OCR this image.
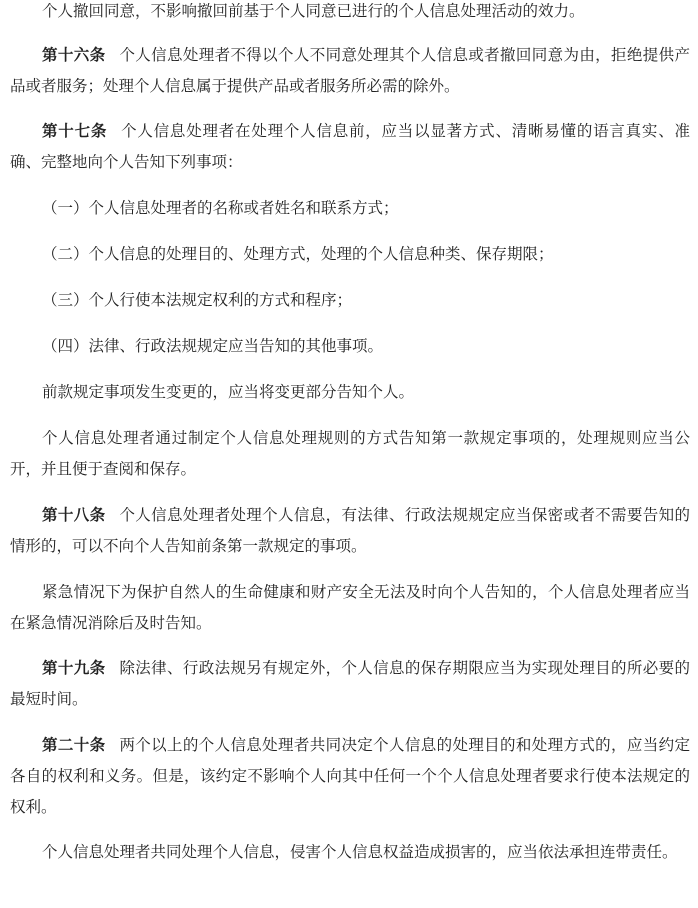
个人撤回同意，不影响撤回前基于个人同意已进行的个人信息处理活动的效力。

第十六条 个人信息处理者不得以个人不同意处理其个人信息或者撤回同意为由，拒绝提供产品或者服务；处理个人信息属于提供产品或者服务所必需的除外。

第十七条 个人信息处理者在处理个人信息前，应当以显著方式、清晰易懂的语言真实、准确、完整地向个人告知下列事项：

（一）个人信息处理者的名称或者姓名和联系方式；

（二）个人信息的处理目的、处理方式，处理的个人信息种类、保存期限；

（三）个人行使本法规定权利的方式和程序；

（四）法律、行政法规规定应当告知的其他事项。

前款规定事项发生变更的，应当将变更部分告知个人。

个人信息处理者通过制定个人信息处理规则的方式告知第一款规定事项的，处理规则应当公开，并且便于查阅和保存。

第十八条 个人信息处理者处理个人信息，有法律、行政法规规定应当保密或者不需要告知的情形的，可以不向个人告知前条第一款规定的事项。

紧急情况下为保护自然人的生命健康和财产安全无法及时向个人告知的，个人信息处理者应当在紧急情况消除后及时告知。

第十九条 除法律、行政法规另有规定外，个人信息的保存期限应当为实现处理目的所必要的最短时间。

第二十条 两个以上的个人信息处理者共同决定个人信息的处理目的和处理方式的，应当约定各自的权利和义务。但是，该约定不影响个人向其中任何一个个人信息处理者要求行使本法规定的权利。

个人信息处理者共同处理个人信息，侵害个人信息权益造成损害的，应当依法承担连带责任。
